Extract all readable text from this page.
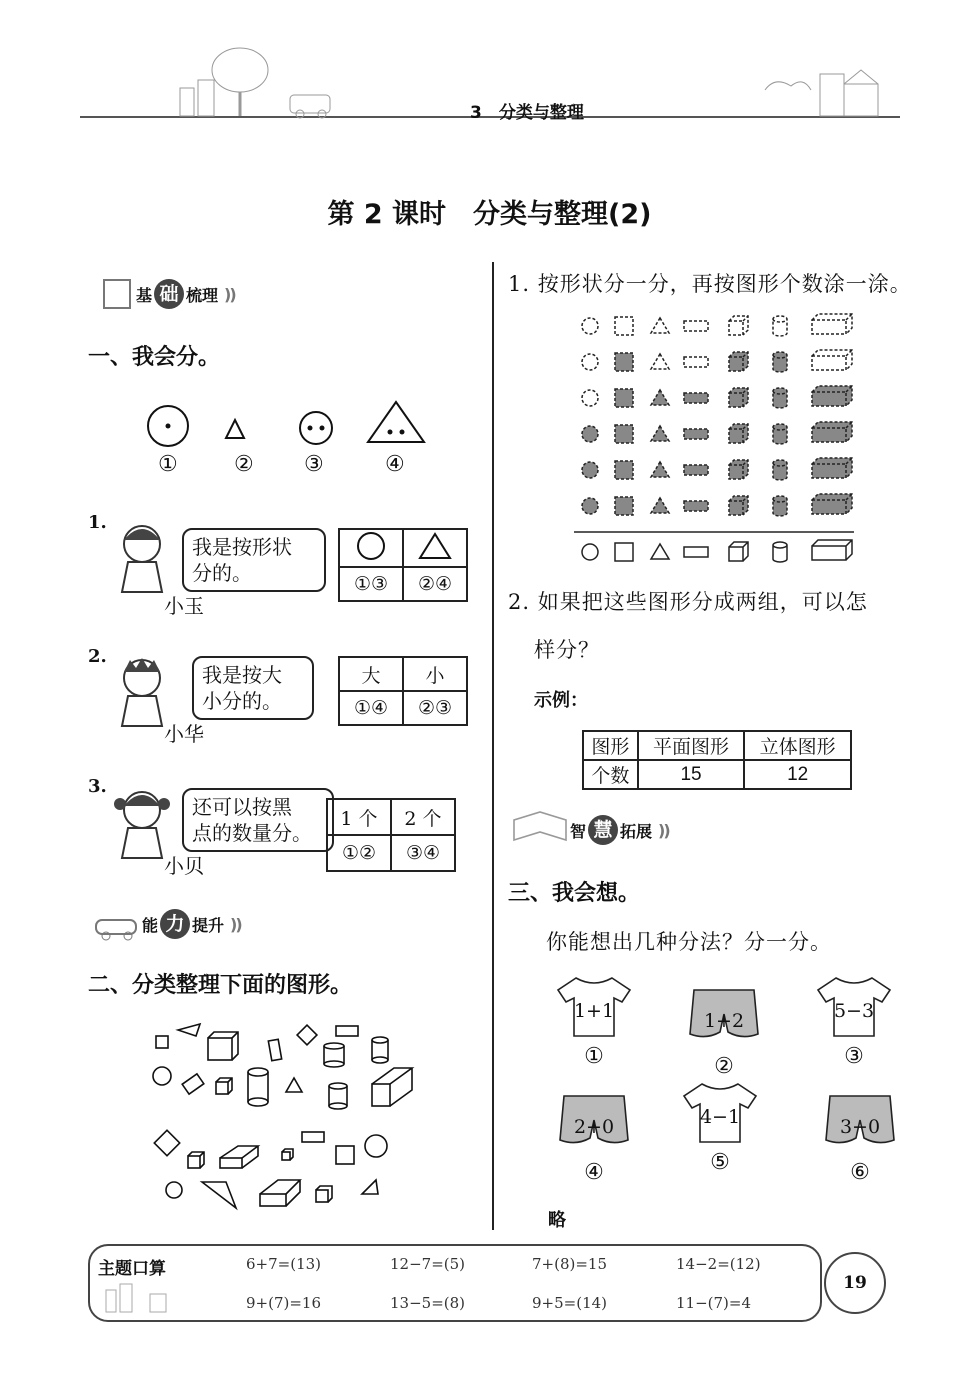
3　分类与整理
第 2 课时　分类与整理(2)
基 础 梳理 ))
一、我会分。
①	② ③	④
1.
我是按形状
分的。
小玉

①③	②④
2.
我是按大
小分的。
小华
大	小
①④	②③
3.
还可以按黑
点的数量分。
小贝
1 个	2 个
①②	③④
能 力 提升 ))
二、分类整理下面的图形。
1. 按形状分一分，再按图形个数涂一涂。
2. 如果把这些图形分成两组，可以怎
样分？
示例：
图形	平面图形	立体图形
个数	15	12
智 慧 拓展 ))
三、我会想。
你能想出几种分法？分一分。
1+1
①
1+2
②
5−3
③
2+0
④
4−1
⑤
3−0
⑥
略
主题口算	6+7=(13)	12−7=(5)	7+(8)=15	14−2=(12)
9+(7)=16	13−5=(8)	9+5=(14)	11−(7)=4
19
